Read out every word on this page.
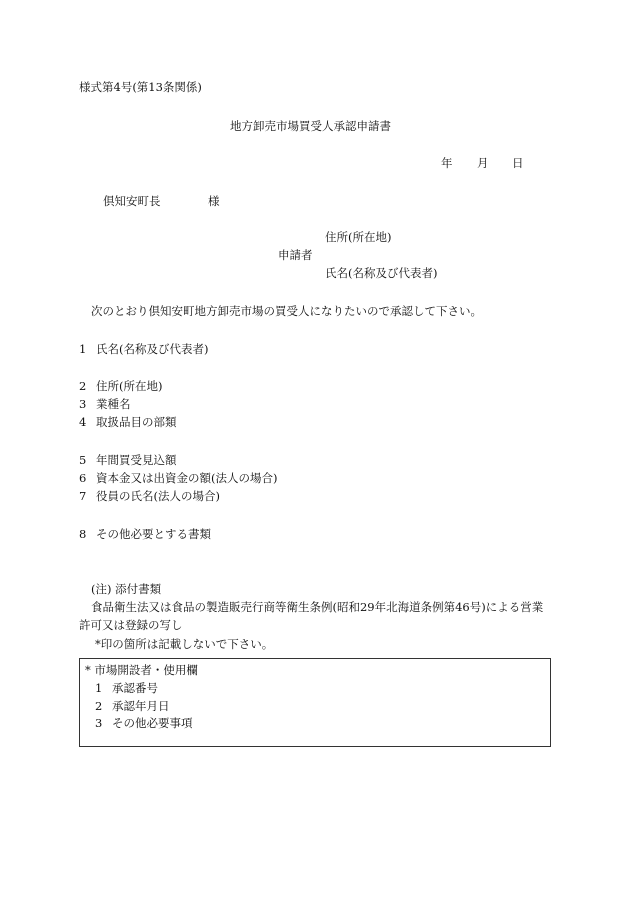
様式第4号(第13条関係)
地方卸売市場買受人承認申請書
年 月 日
倶知安町長	様
住所(所在地)
申請者
氏名(名称及び代表者)
次のとおり倶知安町地方卸売市場の買受人になりたいので承認して下さい。
1 氏名(名称及び代表者)
2 住所(所在地)
3 業種名
4 取扱品目の部類
5 年間買受見込額
6 資本金又は出資金の額(法人の場合)
7 役員の氏名(法人の場合)
8 その他必要とする書類
(注) 添付書類
食品衛生法又は食品の製造販売行商等衛生条例(昭和29年北海道条例第46号)による営業
許可又は登録の写し
*印の箇所は記載しないで下さい。
* 市場開設者・使用欄
1 承認番号
2 承認年月日
3 その他必要事項
